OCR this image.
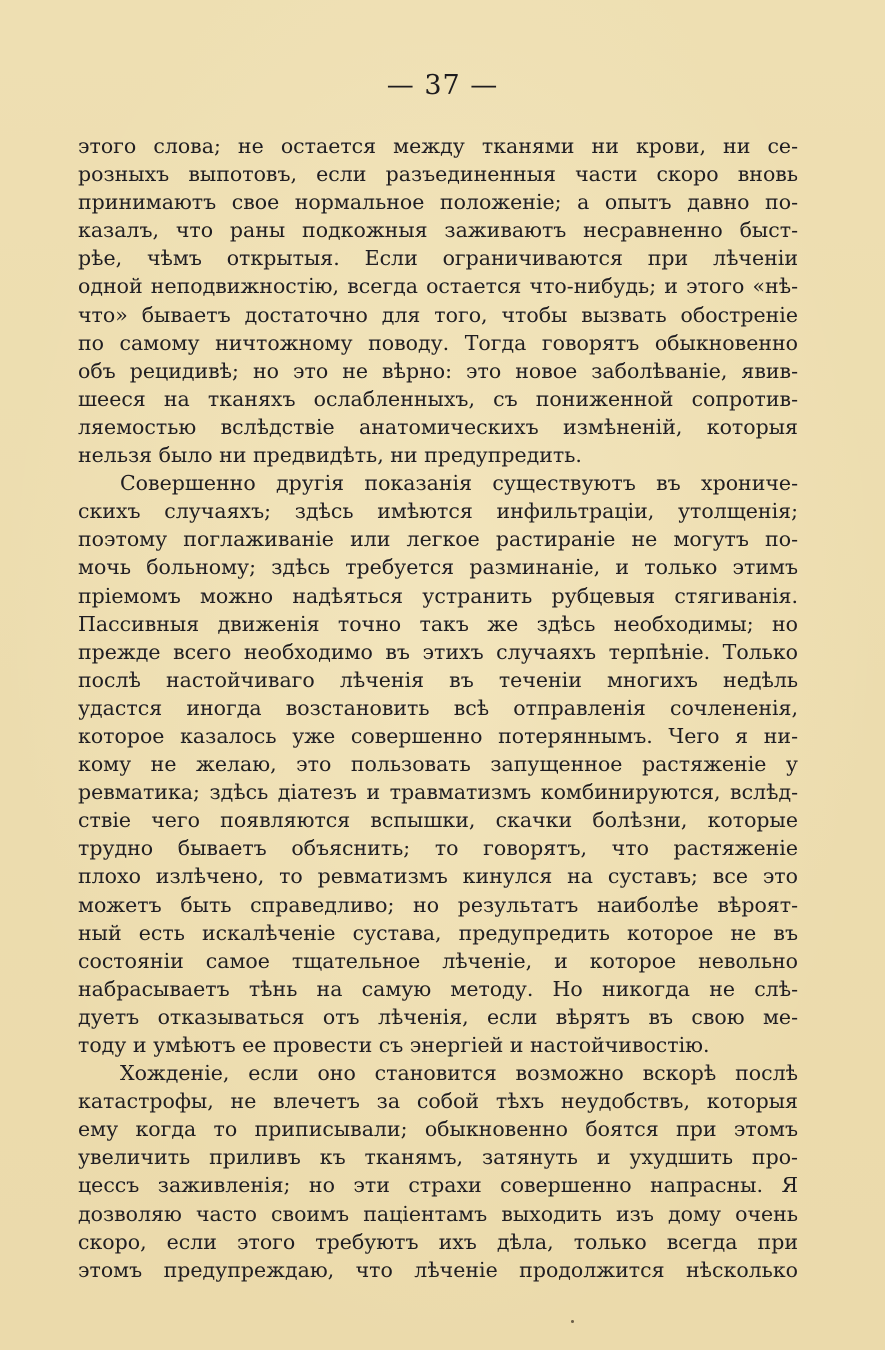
— 37 —
этого слова; не остается между тканями ни крови, ни се-
розныхъ выпотовъ, если разъединенныя части скоро вновь
принимаютъ свое нормальное положенiе; а опытъ давно по-
казалъ, что раны подкожныя заживаютъ несравненно быст-
рѣе, чѣмъ открытыя. Если ограничиваются при лѣченiи
одной неподвижностiю, всегда остается что-нибудь; и этого «нѣ-
что» бываетъ достаточно для того, чтобы вызвать обостренiе
по самому ничтожному поводу. Тогда говорятъ обыкновенно
объ рецидивѣ; но это не вѣрно: это новое заболѣванiе, явив-
шееся на тканяхъ ослабленныхъ, съ пониженной сопротив-
ляемостью вслѣдствiе анатомическихъ измѣненiй, которыя
нельзя было ни предвидѣть, ни предупредить.
Совершенно другiя показанiя существуютъ въ хрониче-
скихъ случаяхъ; здѣсь имѣются инфильтрацiи, утолщенiя;
поэтому поглаживанiе или легкое растиранiе не могутъ по-
мочь больному; здѣсь требуется разминанiе, и только этимъ
прiемомъ можно надѣяться устранить рубцевыя стягиванiя.
Пассивныя движенiя точно такъ же здѣсь необходимы; но
прежде всего необходимо въ этихъ случаяхъ терпѣнiе. Только
послѣ настойчиваго лѣченiя въ теченiи многихъ недѣль
удастся иногда возстановить всѣ отправленiя сочлененiя,
которое казалось уже совершенно потеряннымъ. Чего я ни-
кому не желаю, это пользовать запущенное растяженiе у
ревматика; здѣсь дiатезъ и травматизмъ комбинируются, вслѣд-
ствiе чего появляются вспышки, скачки болѣзни, которые
трудно бываетъ объяснить; то говорятъ, что растяженiе
плохо излѣчено, то ревматизмъ кинулся на суставъ; все это
можетъ быть справедливо; но результатъ наиболѣе вѣроят-
ный есть искалѣченiе сустава, предупредить которое не въ
состоянiи самое тщательное лѣченiе, и которое невольно
набрасываетъ тѣнь на самую методу. Но никогда не слѣ-
дуетъ отказываться отъ лѣченiя, если вѣрятъ въ свою ме-
тоду и умѣютъ ее провести съ энергiей и настойчивостiю.
Хожденiе, если оно становится возможно вскорѣ послѣ
катастрофы, не влечетъ за собой тѣхъ неудобствъ, которыя
ему когда то приписывали; обыкновенно боятся при этомъ
увеличить приливъ къ тканямъ, затянуть и ухудшить про-
цессъ заживленiя; но эти страхи совершенно напрасны. Я
дозволяю часто своимъ пацiентамъ выходить изъ дому очень
скоро, если этого требуютъ ихъ дѣла, только всегда при
этомъ предупреждаю, что лѣченiе продолжится нѣсколько
